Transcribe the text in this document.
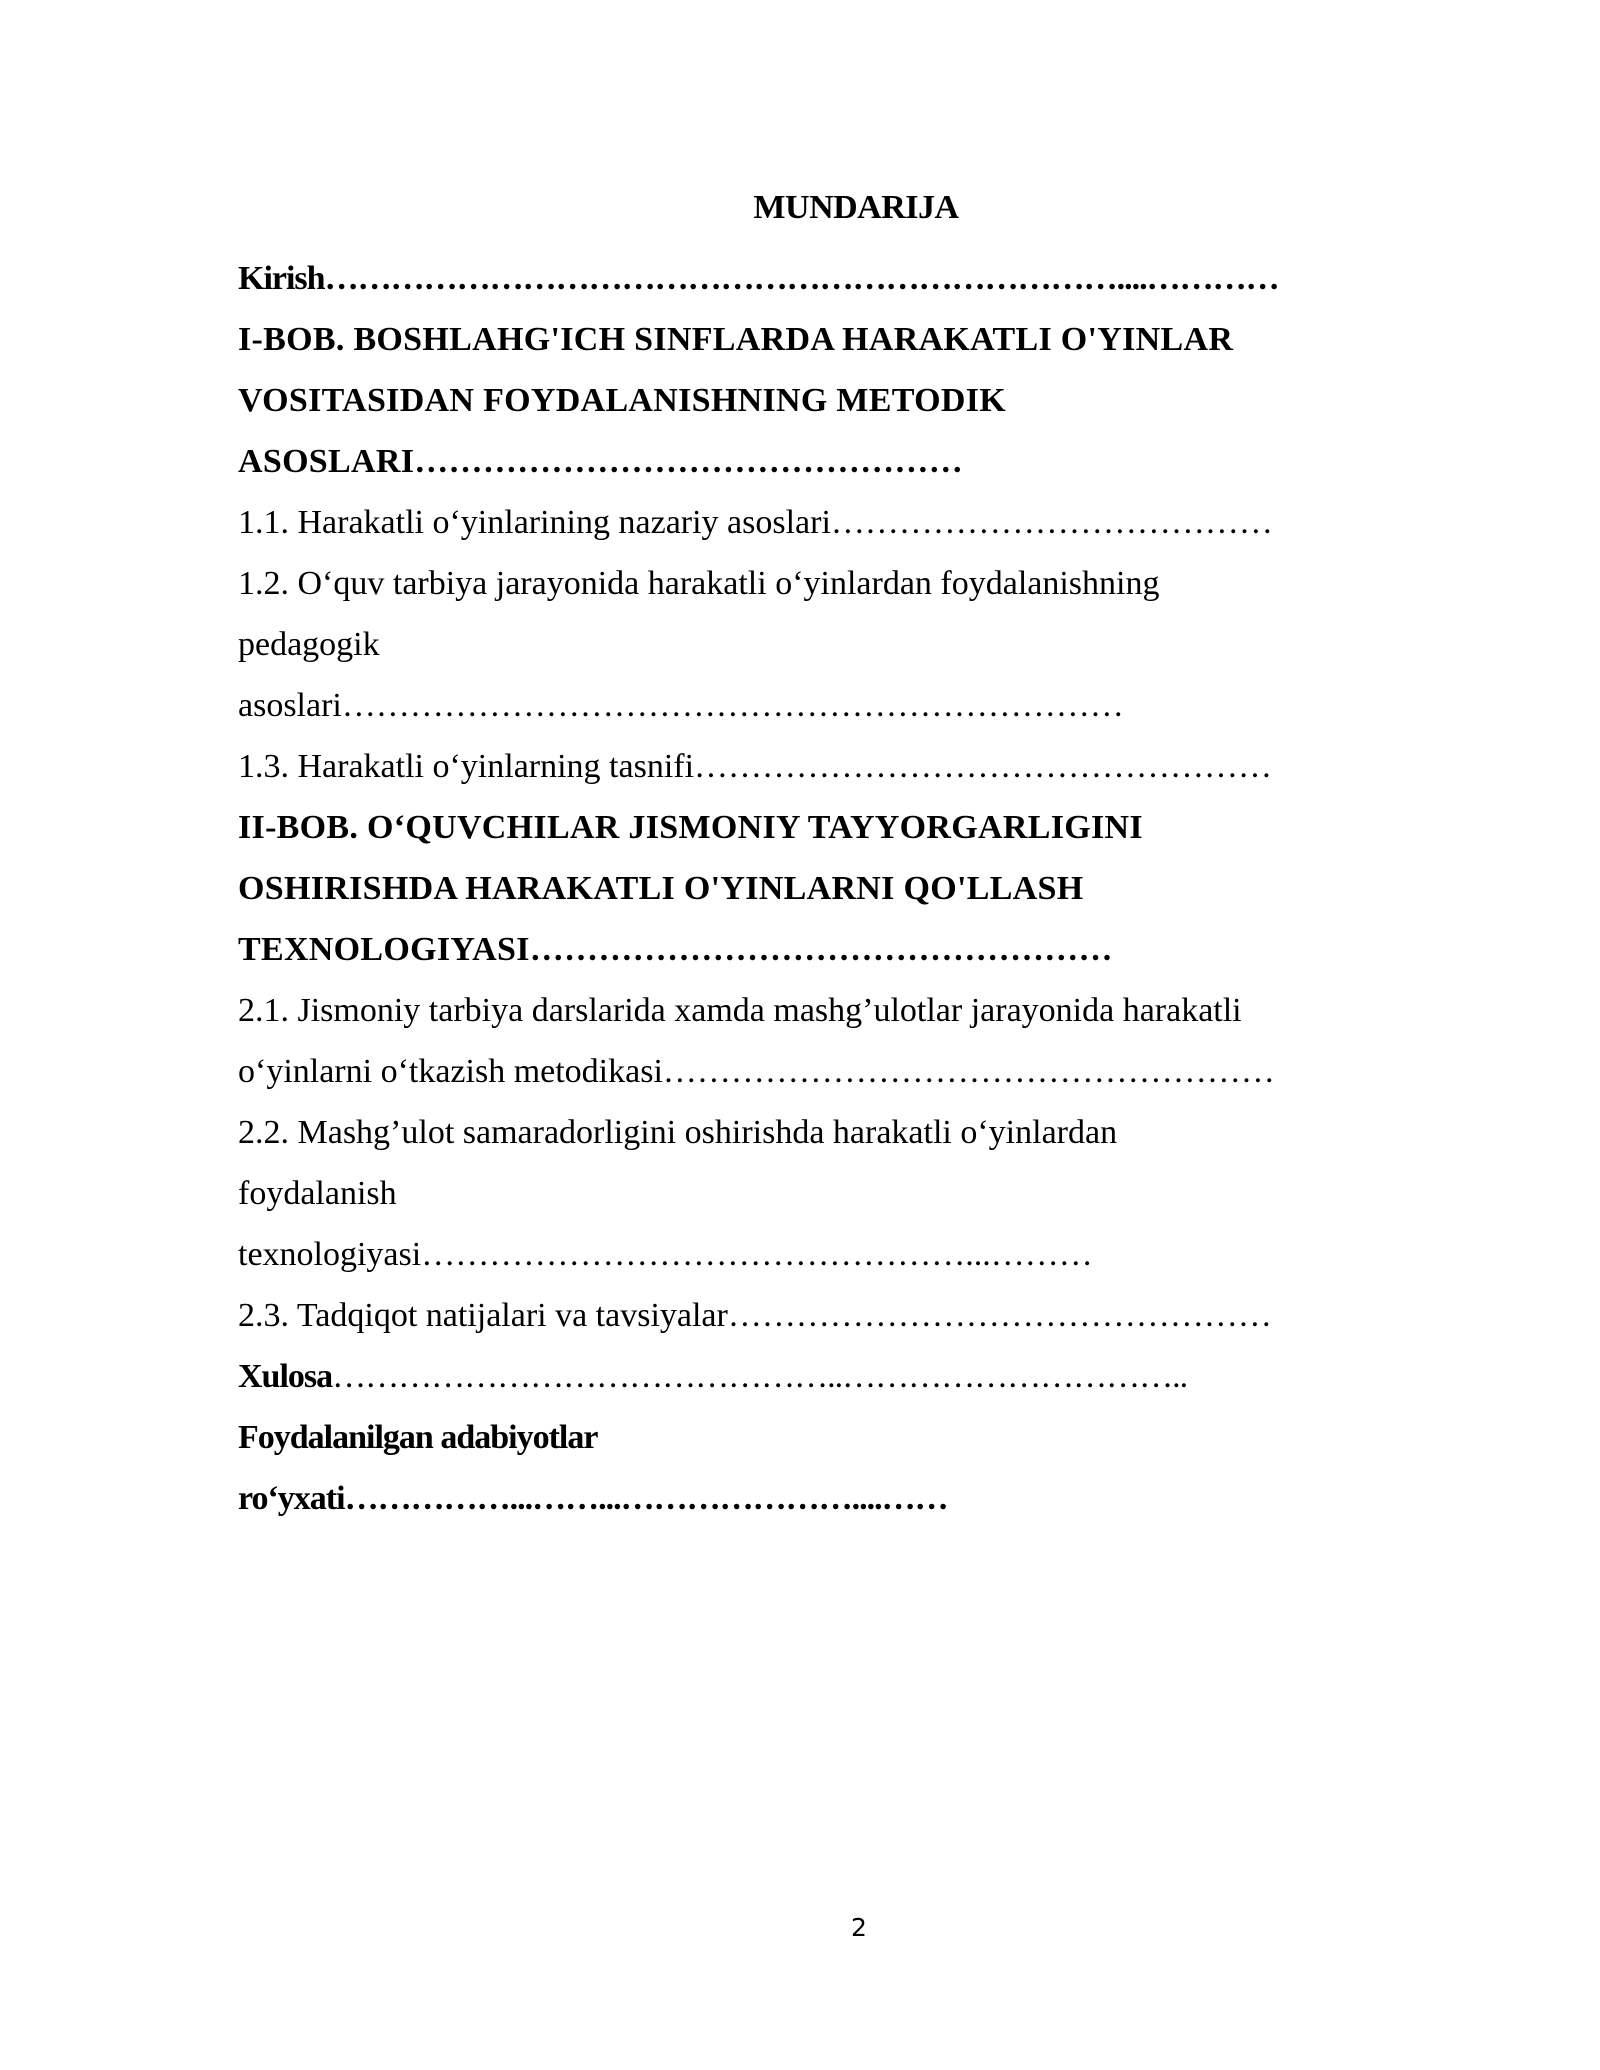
MUNDARIJA
Kirish………………………………………………………………....…………
I-BOB. BOSHLAHG'ICH SINFLARDA HARAKATLI O'YINLAR
VOSITASIDAN FOYDALANISHNING METODIK
ASOSLARI…………………………………………
1.1. Harakatli o‘yinlarining nazariy asoslari…………………………………
1.2. O‘quv tarbiya jarayonida harakatli o‘yinlardan foydalanishning
pedagogik
asoslari……………………………………………………………
1.3. Harakatli o‘yinlarning tasnifi……………………………………………
II-BOB. O‘QUVCHILAR JISMONIY TAYYORGARLIGINI
OSHIRISHDA HARAKATLI O'YINLARNI QO'LLASH
TEXNOLOGIYASI……………………………………………
2.1. Jismoniy tarbiya darslarida xamda mashg’ulotlar jarayonida harakatli
o‘yinlarni o‘tkazish metodikasi………………………………………………
2.2. Mashg’ulot samaradorligini oshirishda harakatli o‘yinlardan
foydalanish
texnologiyasi…………………………………………...………
2.3. Tadqiqot natijalari va tavsiyalar…………………………………………
Xulosa………………………………………..…………………………..
Foydalanilgan adabiyotlar
ro‘yxati……………...……...…………………....……
2
